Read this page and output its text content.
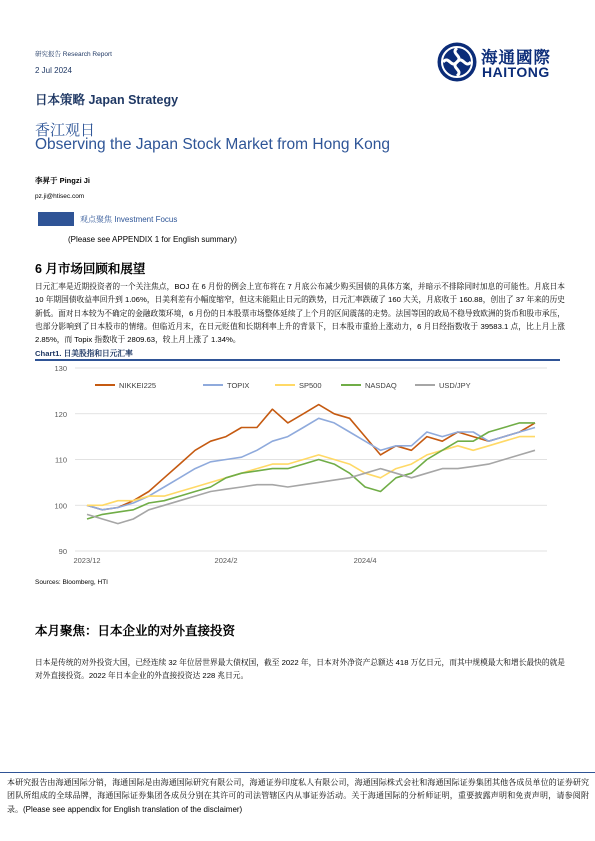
研究报告 Research Report
2 Jul 2024
日本策略 Japan Strategy
香江观日
Observing the Japan Stock Market from Hong Kong
李昇于 Pingzi Ji
pz.ji@htisec.com
观点聚焦 Investment Focus
(Please see APPENDIX 1 for English summary)
海通國際
HAITONG
6 月市场回顾和展望
日元汇率是近期投资者的一个关注焦点，BOJ 在 6 月份的例会上宣布将在 7 月底公布减少购买国债的具体方案，并暗示不排除同时加息的可能性。月底日本 10 年期国债收益率回升到 1.06%，日美利差有小幅度缩窄，但这未能阻止日元的跌势，日元汇率跌破了 160 大关，月底收于 160.88，创出了 37 年来的历史新低。面对日本较为不确定的金融政策环境，6 月份的日本股票市场整体延续了上个月的区间震荡的走势。法国等国的政局不稳导致欧洲的货币和股市承压，也部分影响到了日本股市的情绪。但临近月末，在日元贬值和长期利率上升的背景下，日本股市重拾上涨动力，6 月日经指数收于 39583.1 点，比上月上涨 2.85%，而 Topix 指数收于 2809.63，较上月上涨了 1.34%。
Chart1. 日美股指和日元汇率
90
100
110
120
130
2023/12	2024/2	2024/4
NIKKEI225	TOPIX	SP500	NASDAQ	USD/JPY
Sources: Bloomberg, HTI
本月聚焦：日本企业的对外直接投资
日本是传统的对外投资大国，已经连续 32 年位居世界最大债权国，截至 2022 年，日本对外净资产总额达 418 万亿日元，而其中规模最大和增长最快的就是对外直接投资。2022 年日本企业的外直接投资达 228 兆日元。
本研究报告由海通国际分销，海通国际是由海通国际研究有限公司，海通证券印度私人有限公司，海通国际株式会社和海通国际证券集团其他各成员单位的证券研究团队所组成的全球品牌，海通国际证券集团各成员分别在其许可的司法管辖区内从事证券活动。关于海通国际的分析师证明，重要披露声明和免责声明，请参阅附录。(Please see appendix for English translation of the disclaimer)
